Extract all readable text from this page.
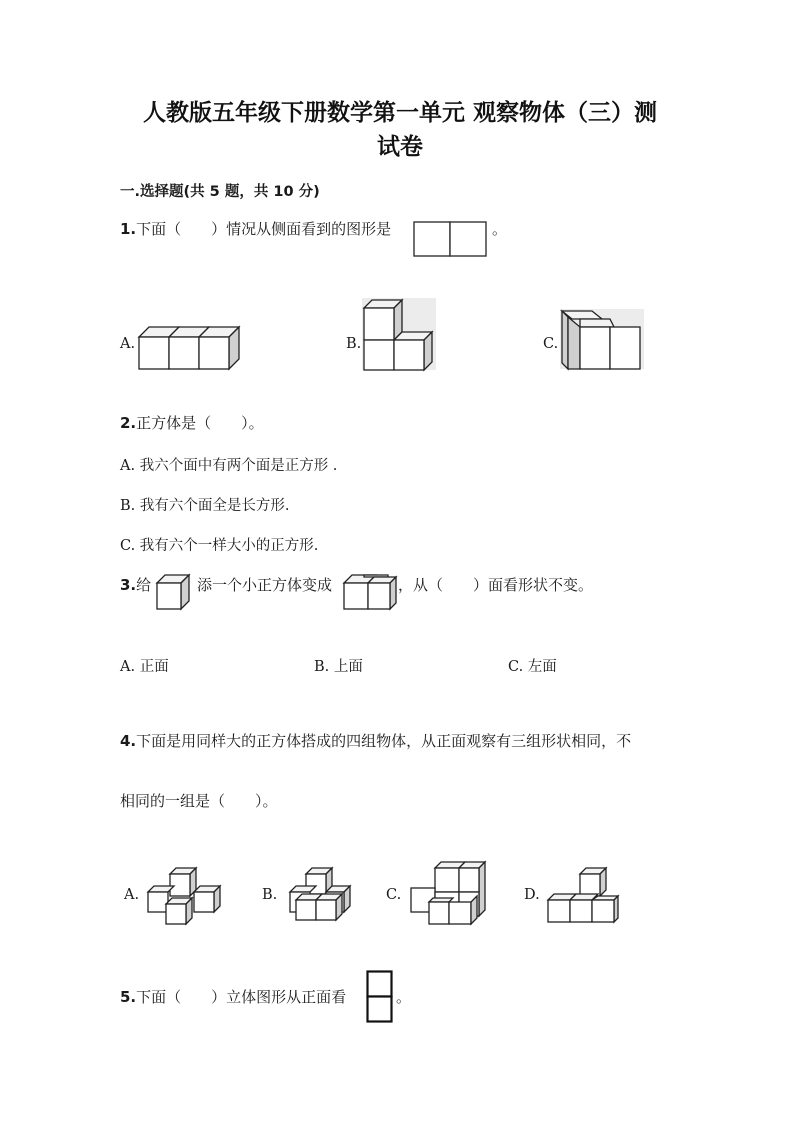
人教版五年级下册数学第一单元 观察物体（三）测
试卷
一.选择题(共 5 题，共 10 分)
1.下面（　　）情况从侧面看到的图形是	。
A.	B.	C.
2.正方体是（　　）。
A. 我六个面中有两个面是正方形 .
B. 我有六个面全是长方形.
C. 我有六个一样大小的正方形.
3.给	添一个小正方体变成	，从（　　）面看形状不变。
A. 正面	B. 上面	C. 左面
4.下面是用同样大的正方体搭成的四组物体，从正面观察有三组形状相同，不
相同的一组是（　　）。
A.	B.	C.	D.
5.下面（　　）立体图形从正面看	。
